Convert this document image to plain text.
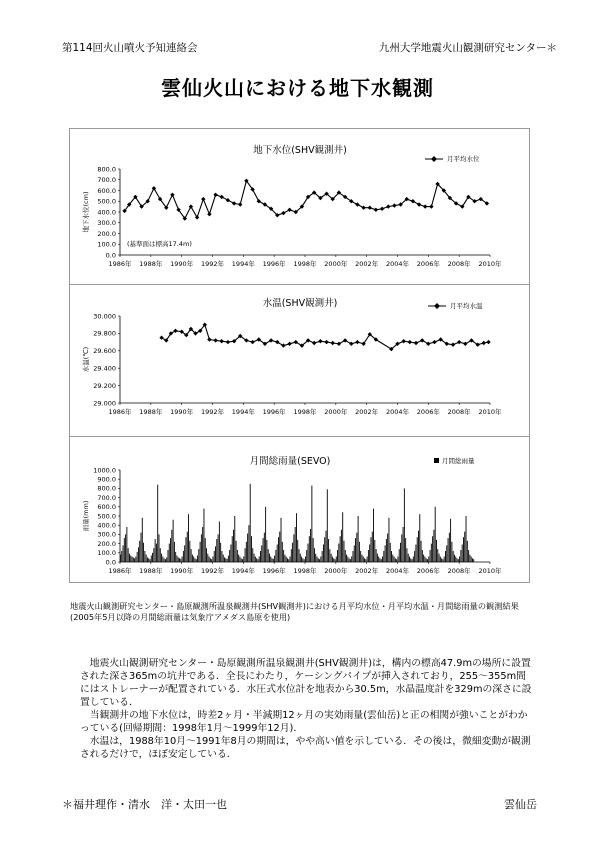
第114回火山噴火予知連絡会	九州大学地震火山観測研究センター＊
雲仙火山における地下水観測
地下水位(SHV観測井)
800.0
700.0
600.0
500.0
400.0
300.0
200.0
100.0
0.0
1986年 1988年 1990年 1992年 1994年 1996年 1998年 2000年 2002年 2004年 2006年 2008年 2010年
地下水位(cm)
月平均水位
(基準面は標高17.4m)
水温(SHV観測井)
30.000
29.800
29.600
29.400
29.200
29.000
1986年 1988年 1990年 1992年 1994年 1996年 1998年 2000年 2002年 2004年 2006年 2008年 2010年
水温(℃)
月平均水温
月間総雨量(SEVO)
1000.0
900.0
800.0
700.0
600.0
500.0
400.0
300.0
200.0
100.0
0.0
1986年 1988年 1990年 1992年 1994年 1996年 1998年 2000年 2002年 2004年 2006年 2008年 2010年
雨量(mm)
月間総雨量
地震火山観測研究センター・島原観測所温泉観測井(SHV観測井)における月平均水位・月平均水温・月間総雨量の観測結果
(2005年5月以降の月間総雨量は気象庁アメダス島原を使用)

地震火山観測研究センター・島原観測所温泉観測井(SHV観測井)は，構内の標高47.9mの場所に設置された深さ365mの坑井である．全長にわたり，ケーシングパイプが挿入されており，255～355m間にはストレーナーが配置されている．水圧式水位計を地表から30.5m，水晶温度計を329mの深さに設置している．

当観測井の地下水位は，時差2ヶ月・半減期12ヶ月の実効雨量(雲仙岳)と正の相関が強いことがわかっている(回帰期間：1998年1月～1999年12月)．

水温は，1988年10月～1991年8月の期間は，やや高い値を示している．その後は，微細変動が観測されるだけで，ほぼ安定している．

＊福井理作・清水　洋・太田一也	雲仙岳
